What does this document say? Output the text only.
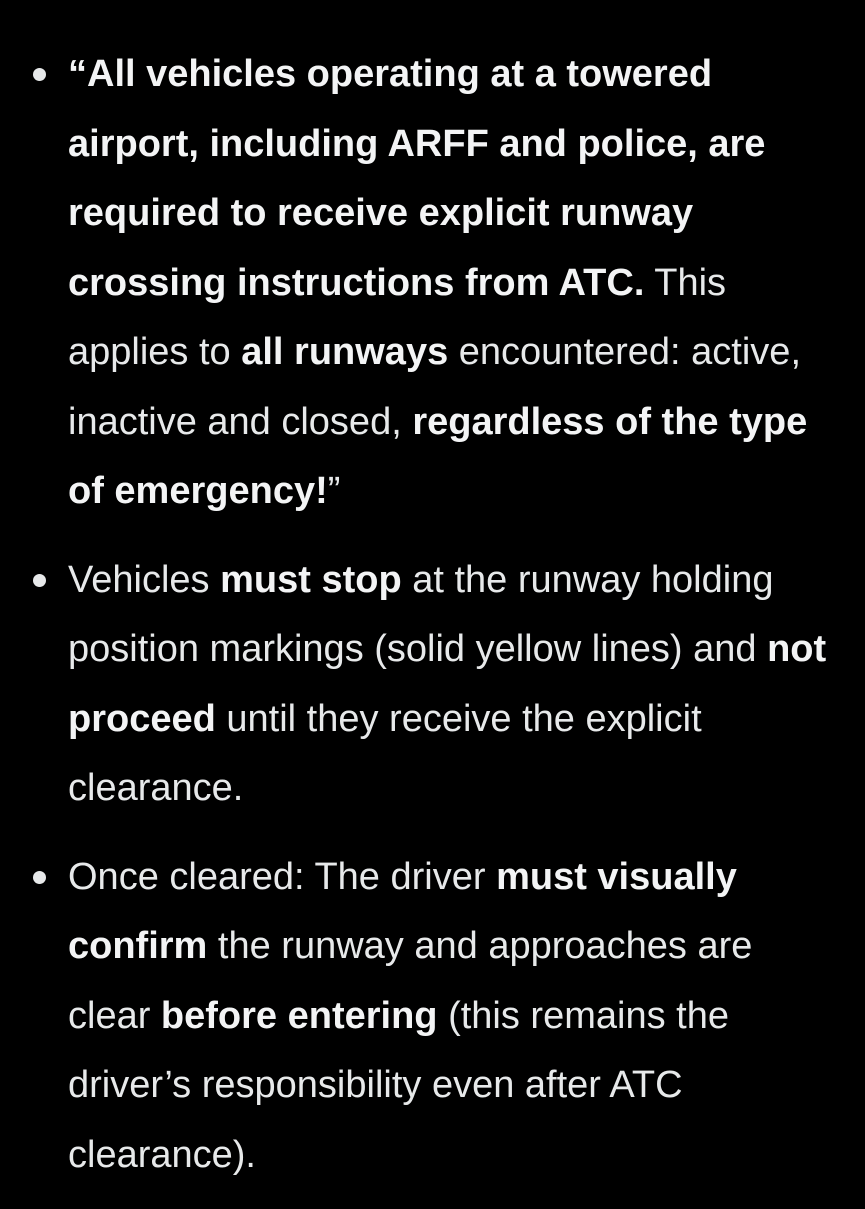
“All vehicles operating at a towered airport, including ARFF and police, are required to receive explicit runway crossing instructions from ATC. This applies to all runways encountered: active, inactive and closed, regardless of the type of emergency!”
Vehicles must stop at the runway holding position markings (solid yellow lines) and not proceed until they receive the explicit clearance.
Once cleared: The driver must visually confirm the runway and approaches are clear before entering (this remains the driver’s responsibility even after ATC clearance).
